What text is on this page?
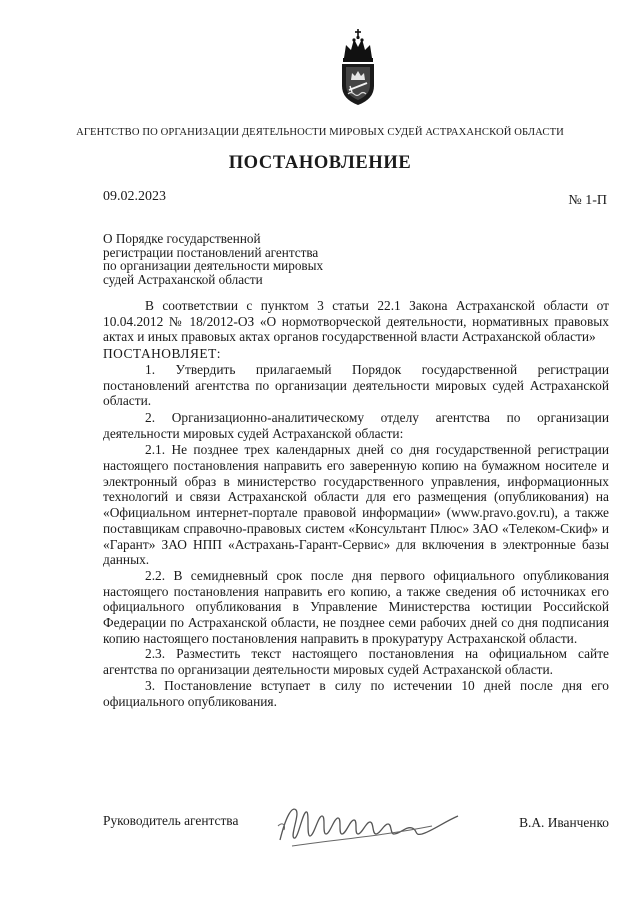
АГЕНТСТВО ПО ОРГАНИЗАЦИИ ДЕЯТЕЛЬНОСТИ МИРОВЫХ СУДЕЙ АСТРАХАНСКОЙ ОБЛАСТИ
ПОСТАНОВЛЕНИЕ
09.02.2023	№ 1-П
О Порядке государственной регистрации постановлений агентства по организации деятельности мировых судей Астраханской области

В соответствии с пунктом 3 статьи 22.1 Закона Астраханской области от 10.04.2012 № 18/2012-ОЗ «О нормотворческой деятельности, нормативных правовых актах и иных правовых актах органов государственной власти Астраханской области»

ПОСТАНОВЛЯЕТ:

1. Утвердить прилагаемый Порядок государственной регистрации постановлений агентства по организации деятельности мировых судей Астраханской области.

2. Организационно-аналитическому отделу агентства по организации деятельности мировых судей Астраханской области:

2.1. Не позднее трех календарных дней со дня государственной регистрации настоящего постановления направить его заверенную копию на бумажном носителе и электронный образ в министерство государственного управления, информационных технологий и связи Астраханской области для его размещения (опубликования) на «Официальном интернет-портале правовой информации» (www.pravo.gov.ru), а также поставщикам справочно-правовых систем «Консультант Плюс» ЗАО «Телеком-Скиф» и «Гарант» ЗАО НПП «Астрахань-Гарант-Сервис» для включения в электронные базы данных.

2.2. В семидневный срок после дня первого официального опубликования настоящего постановления направить его копию, а также сведения об источниках его официального опубликования в Управление Министерства юстиции Российской Федерации по Астраханской области, не позднее семи рабочих дней со дня подписания копию настоящего постановления направить в прокуратуру Астраханской области.

2.3. Разместить текст настоящего постановления на официальном сайте агентства по организации деятельности мировых судей Астраханской области.

3. Постановление вступает в силу по истечении 10 дней после дня его официального опубликования.

Руководитель агентства	В.А. Иванченко
